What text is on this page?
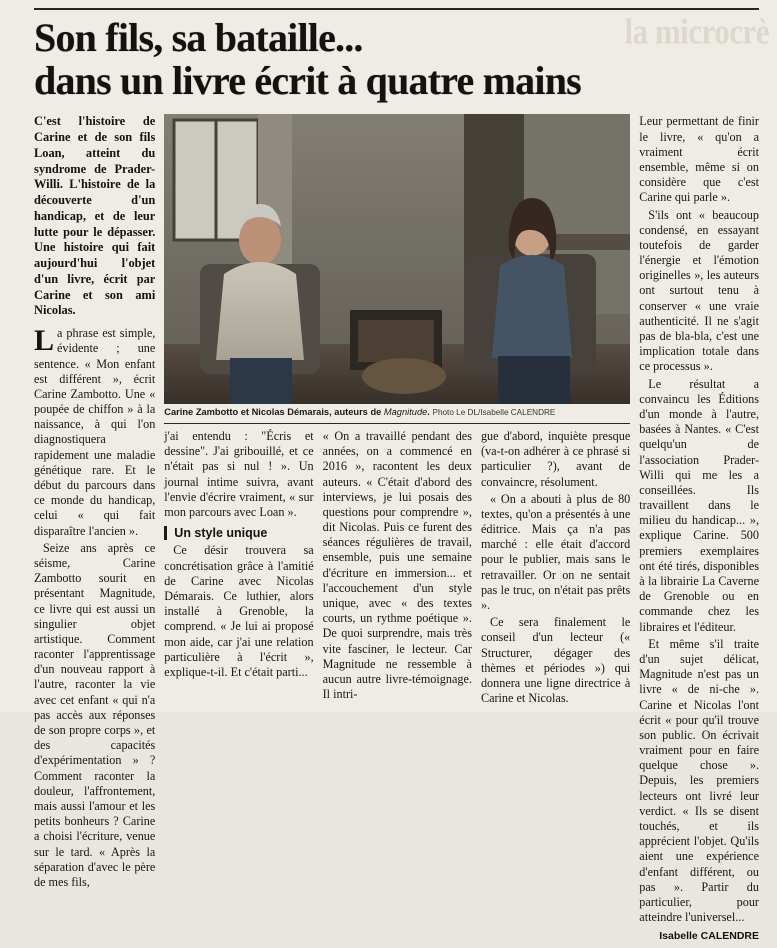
la microcrè
Son fils, sa bataille...
dans un livre écrit à quatre mains
C'est l'histoire de Carine et de son fils Loan, atteint du syndrome de Prader-Willi. L'histoire de la découverte d'un handicap, et de leur lutte pour le dépasser. Une histoire qui fait aujourd'hui l'objet d'un livre, écrit par Carine et son ami Nicolas.

La phrase est simple, évidente ; une sentence. « Mon enfant est différent », écrit Carine Zambotto. Une « poupée de chiffon » à la naissance, à qui l'on diagnostiquera rapidement une maladie génétique rare. Et le début du parcours dans ce monde du handicap, celui « qui fait disparaître l'ancien ».

Seize ans après ce séisme, Carine Zambotto sourit en présentant Magnitude, ce livre qui est aussi un singulier objet artistique. Comment raconter l'apprentissage d'un nouveau rapport à l'autre, raconter la vie avec cet enfant « qui n'a pas accès aux réponses de son propre corps », et des capacités d'expérimentation » ? Comment raconter la douleur, l'affrontement, mais aussi l'amour et les petits bonheurs ? Carine a choisi l'écriture, venue sur le tard. « Après la séparation d'avec le père de mes fils,

Carine Zambotto et Nicolas Démarais, auteurs de Magnitude. Photo Le DL/Isabelle CALENDRE

j'ai entendu : "Écris et dessine". J'ai gribouillé, et ce n'était pas si nul ! ». Un journal intime suivra, avant l'envie d'écrire vraiment, « sur mon parcours avec Loan ».

Un style unique

Ce désir trouvera sa concrétisation grâce à l'amitié de Carine avec Nicolas Démarais. Ce luthier, alors installé à Grenoble, la comprend. « Je lui ai proposé mon aide, car j'ai une relation particulière à l'écrit », explique-t-il. Et c'était parti...

« On a travaillé pendant des années, on a commencé en 2016 », racontent les deux auteurs. « C'était d'abord des interviews, je lui posais des questions pour comprendre », dit Nicolas. Puis ce furent des séances régulières de travail, ensemble, puis une semaine d'écriture en immersion... et l'accouchement d'un style unique, avec « des textes courts, un rythme poétique ». De quoi surprendre, mais très vite fasciner, le lecteur. Car Magnitude ne ressemble à aucun autre livre-témoignage. Il intri-

gue d'abord, inquiète presque (va-t-on adhérer à ce phrasé si particulier ?), avant de convaincre, résolument.

« On a abouti à plus de 80 textes, qu'on a présentés à une éditrice. Mais ça n'a pas marché : elle était d'accord pour le publier, mais sans le retravailler. Or on ne sentait pas le truc, on n'était pas prêts ».

Ce sera finalement le conseil d'un lecteur (« Structurer, dégager des thèmes et périodes ») qui donnera une ligne directrice à Carine et Nicolas.

Leur permettant de finir le livre, « qu'on a vraiment écrit ensemble, même si on considère que c'est Carine qui parle ».

S'ils ont « beaucoup condensé, en essayant toutefois de garder l'énergie et l'émotion originelles », les auteurs ont surtout tenu à conserver « une vraie authenticité. Il ne s'agit pas de bla-bla, c'est une implication totale dans ce processus ».

Le résultat a convaincu les Éditions d'un monde à l'autre, basées à Nantes. « C'est quelqu'un de l'association Prader-Willi qui me les a conseillées. Ils travaillent dans le milieu du handicap... », explique Carine. 500 premiers exemplaires ont été tirés, disponibles à la librairie La Caverne de Grenoble ou en commande chez les libraires et l'éditeur.

Et même s'il traite d'un sujet délicat, Magnitude n'est pas un livre « de ni-che ». Carine et Nicolas l'ont écrit « pour qu'il trouve son public. On écrivait vraiment pour en faire quelque chose ». Depuis, les premiers lecteurs ont livré leur verdict. « Ils se disent touchés, et ils apprécient l'objet. Qu'ils aient une expérience d'enfant différent, ou pas ». Partir du particulier, pour atteindre l'universel...

Isabelle CALENDRE
